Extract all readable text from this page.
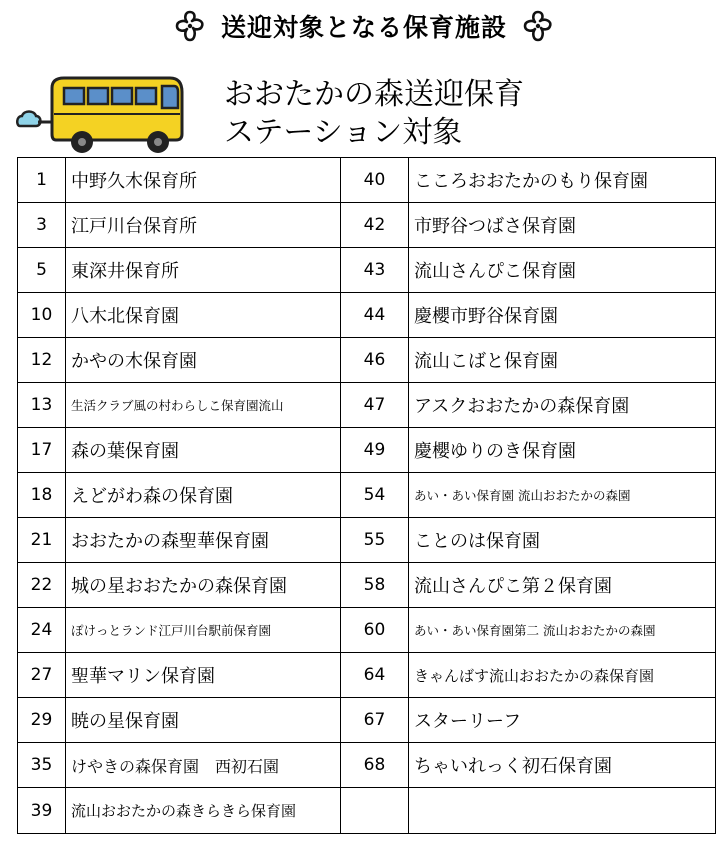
送迎対象となる保育施設
おおたかの森送迎保育
ステーション対象
1	中野久木保育所	40	こころおおたかのもり保育園
3	江戸川台保育所	42	市野谷つばさ保育園
5	東深井保育所	43	流山さんぴこ保育園
10	八木北保育園	44	慶櫻市野谷保育園
12	かやの木保育園	46	流山こばと保育園
13	生活クラブ風の村わらしこ保育園流山	47	アスクおおたかの森保育園
17	森の葉保育園	49	慶櫻ゆりのき保育園
18	えどがわ森の保育園	54	あい・あい保育園 流山おおたかの森園
21	おおたかの森聖華保育園	55	ことのは保育園
22	城の星おおたかの森保育園	58	流山さんぴこ第２保育園
24	ぽけっとランド江戸川台駅前保育園	60	あい・あい保育園第二 流山おおたかの森園
27	聖華マリン保育園	64	きゃんばす流山おおたかの森保育園
29	暁の星保育園	67	スターリーフ
35	けやきの森保育園　西初石園	68	ちゃいれっく初石保育園
39	流山おおたかの森きらきら保育園		
